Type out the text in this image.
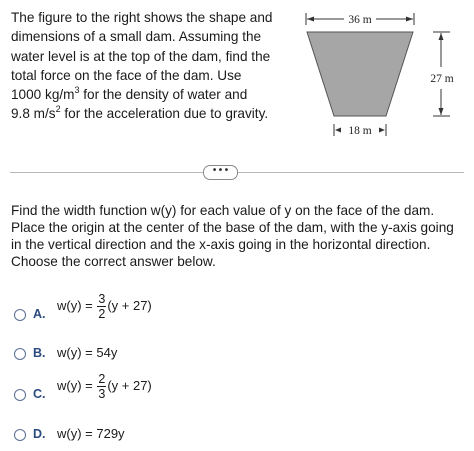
The figure to the right shows the shape and
dimensions of a small dam. Assuming the
water level is at the top of the dam, find the
total force on the face of the dam. Use
1000 $kg/m^3$ for the density of water and
9.8 $m/s^2$ for the acceleration due to gravity.
36 m
27 m
18 m
•••
Find the width function w(y) for each value of y on the face of the dam. Place the origin at the center of the base of the dam, with the y-axis going in the vertical direction and the x-axis going in the horizontal direction. Choose the correct answer below.
A.
$w(y) = \frac{3}{2} (y + 27)$
B. w(y) = 54y
C.
$w(y) = \frac{2}{3} (y + 27)$
D. w(y) = 729y
